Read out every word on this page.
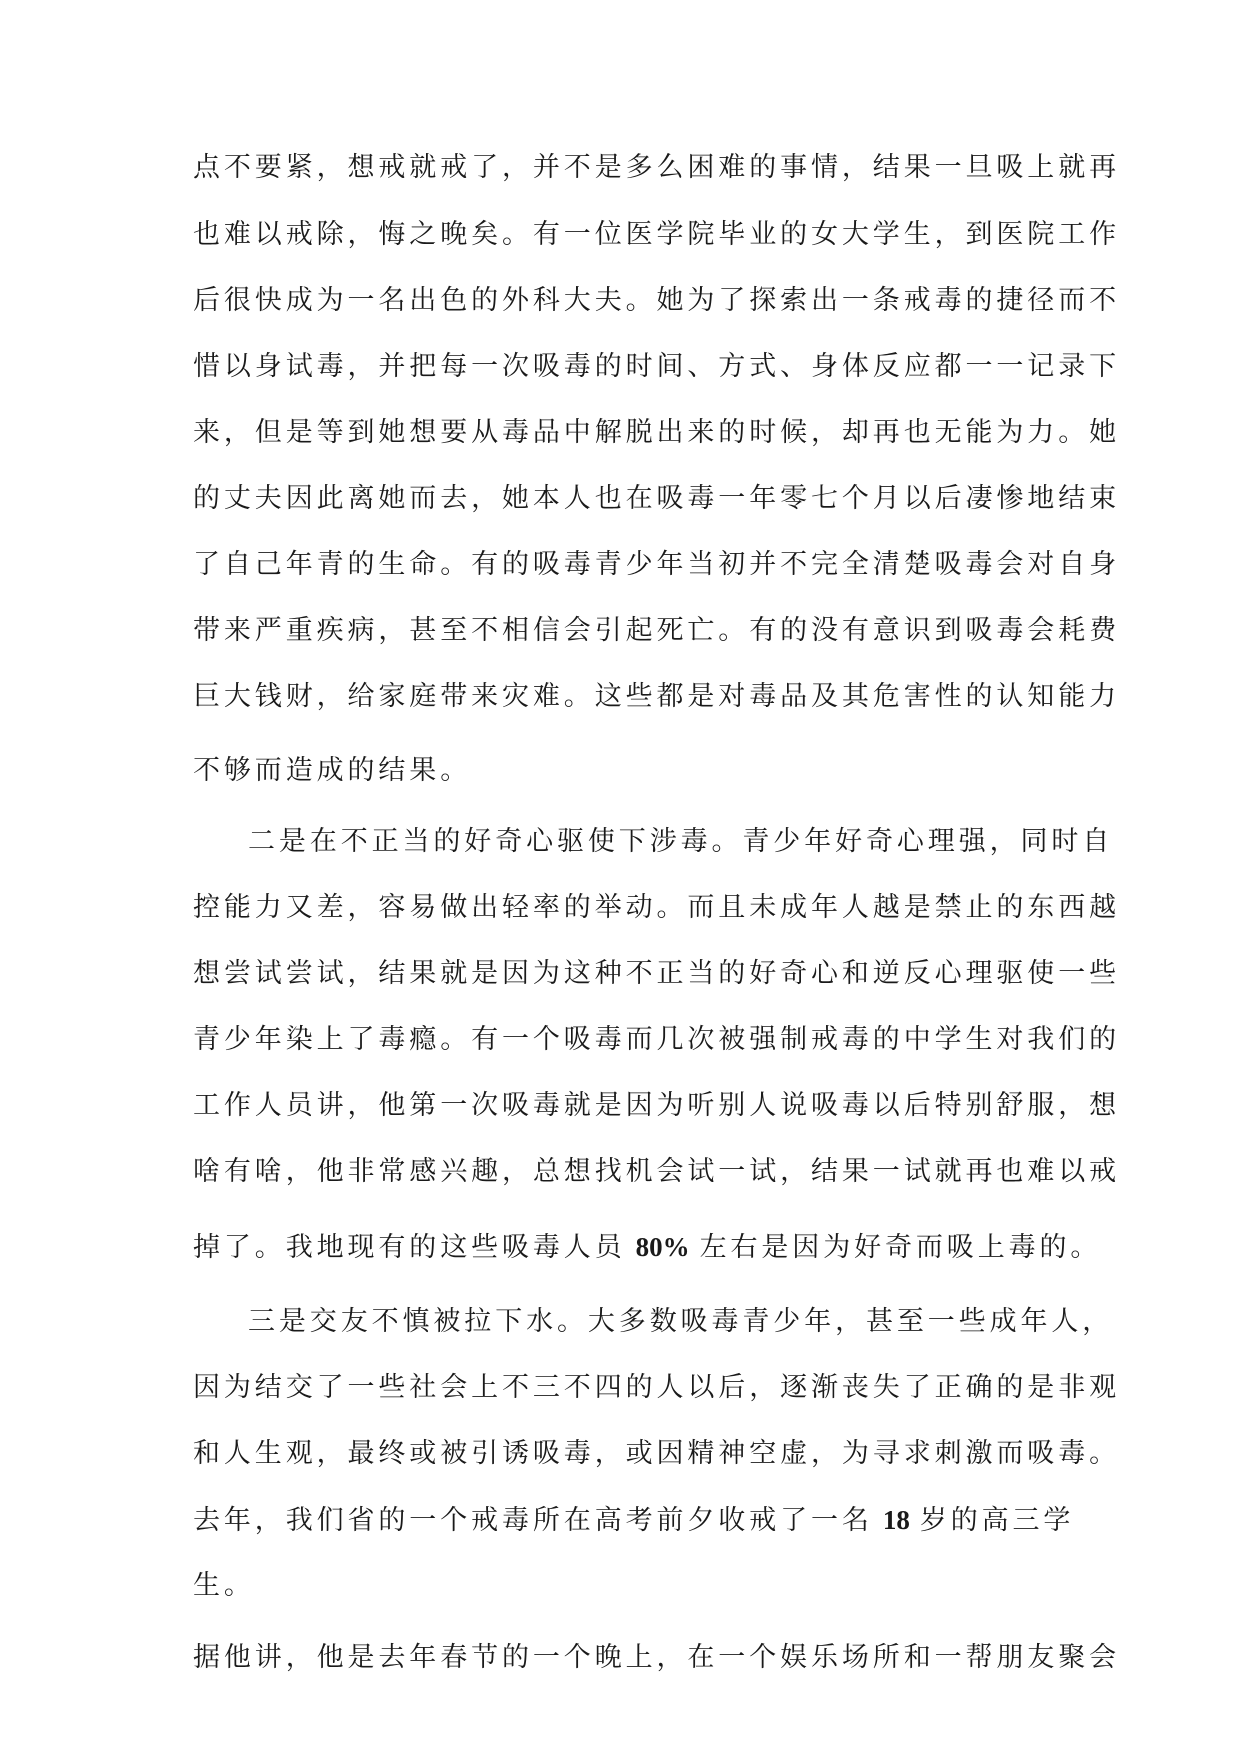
点不要紧，想戒就戒了，并不是多么困难的事情，结果一旦吸上就再
也难以戒除，悔之晚矣。有一位医学院毕业的女大学生，到医院工作
后很快成为一名出色的外科大夫。她为了探索出一条戒毒的捷径而不
惜以身试毒，并把每一次吸毒的时间、方式、身体反应都一一记录下
来，但是等到她想要从毒品中解脱出来的时候，却再也无能为力。她
的丈夫因此离她而去，她本人也在吸毒一年零七个月以后凄惨地结束
了自己年青的生命。有的吸毒青少年当初并不完全清楚吸毒会对自身
带来严重疾病，甚至不相信会引起死亡。有的没有意识到吸毒会耗费
巨大钱财，给家庭带来灾难。这些都是对毒品及其危害性的认知能力
不够而造成的结果。
二是在不正当的好奇心驱使下涉毒。青少年好奇心理强，同时自
控能力又差，容易做出轻率的举动。而且未成年人越是禁止的东西越
想尝试尝试，结果就是因为这种不正当的好奇心和逆反心理驱使一些
青少年染上了毒瘾。有一个吸毒而几次被强制戒毒的中学生对我们的
工作人员讲，他第一次吸毒就是因为听别人说吸毒以后特别舒服，想
啥有啥，他非常感兴趣，总想找机会试一试，结果一试就再也难以戒
掉了。我地现有的这些吸毒人员 80% 左右是因为好奇而吸上毒的。
三是交友不慎被拉下水。大多数吸毒青少年，甚至一些成年人，
因为结交了一些社会上不三不四的人以后，逐渐丧失了正确的是非观
和人生观，最终或被引诱吸毒，或因精神空虚，为寻求刺激而吸毒。
去年，我们省的一个戒毒所在高考前夕收戒了一名 18 岁的高三学
生。
据他讲，他是去年春节的一个晚上，在一个娱乐场所和一帮朋友聚会
